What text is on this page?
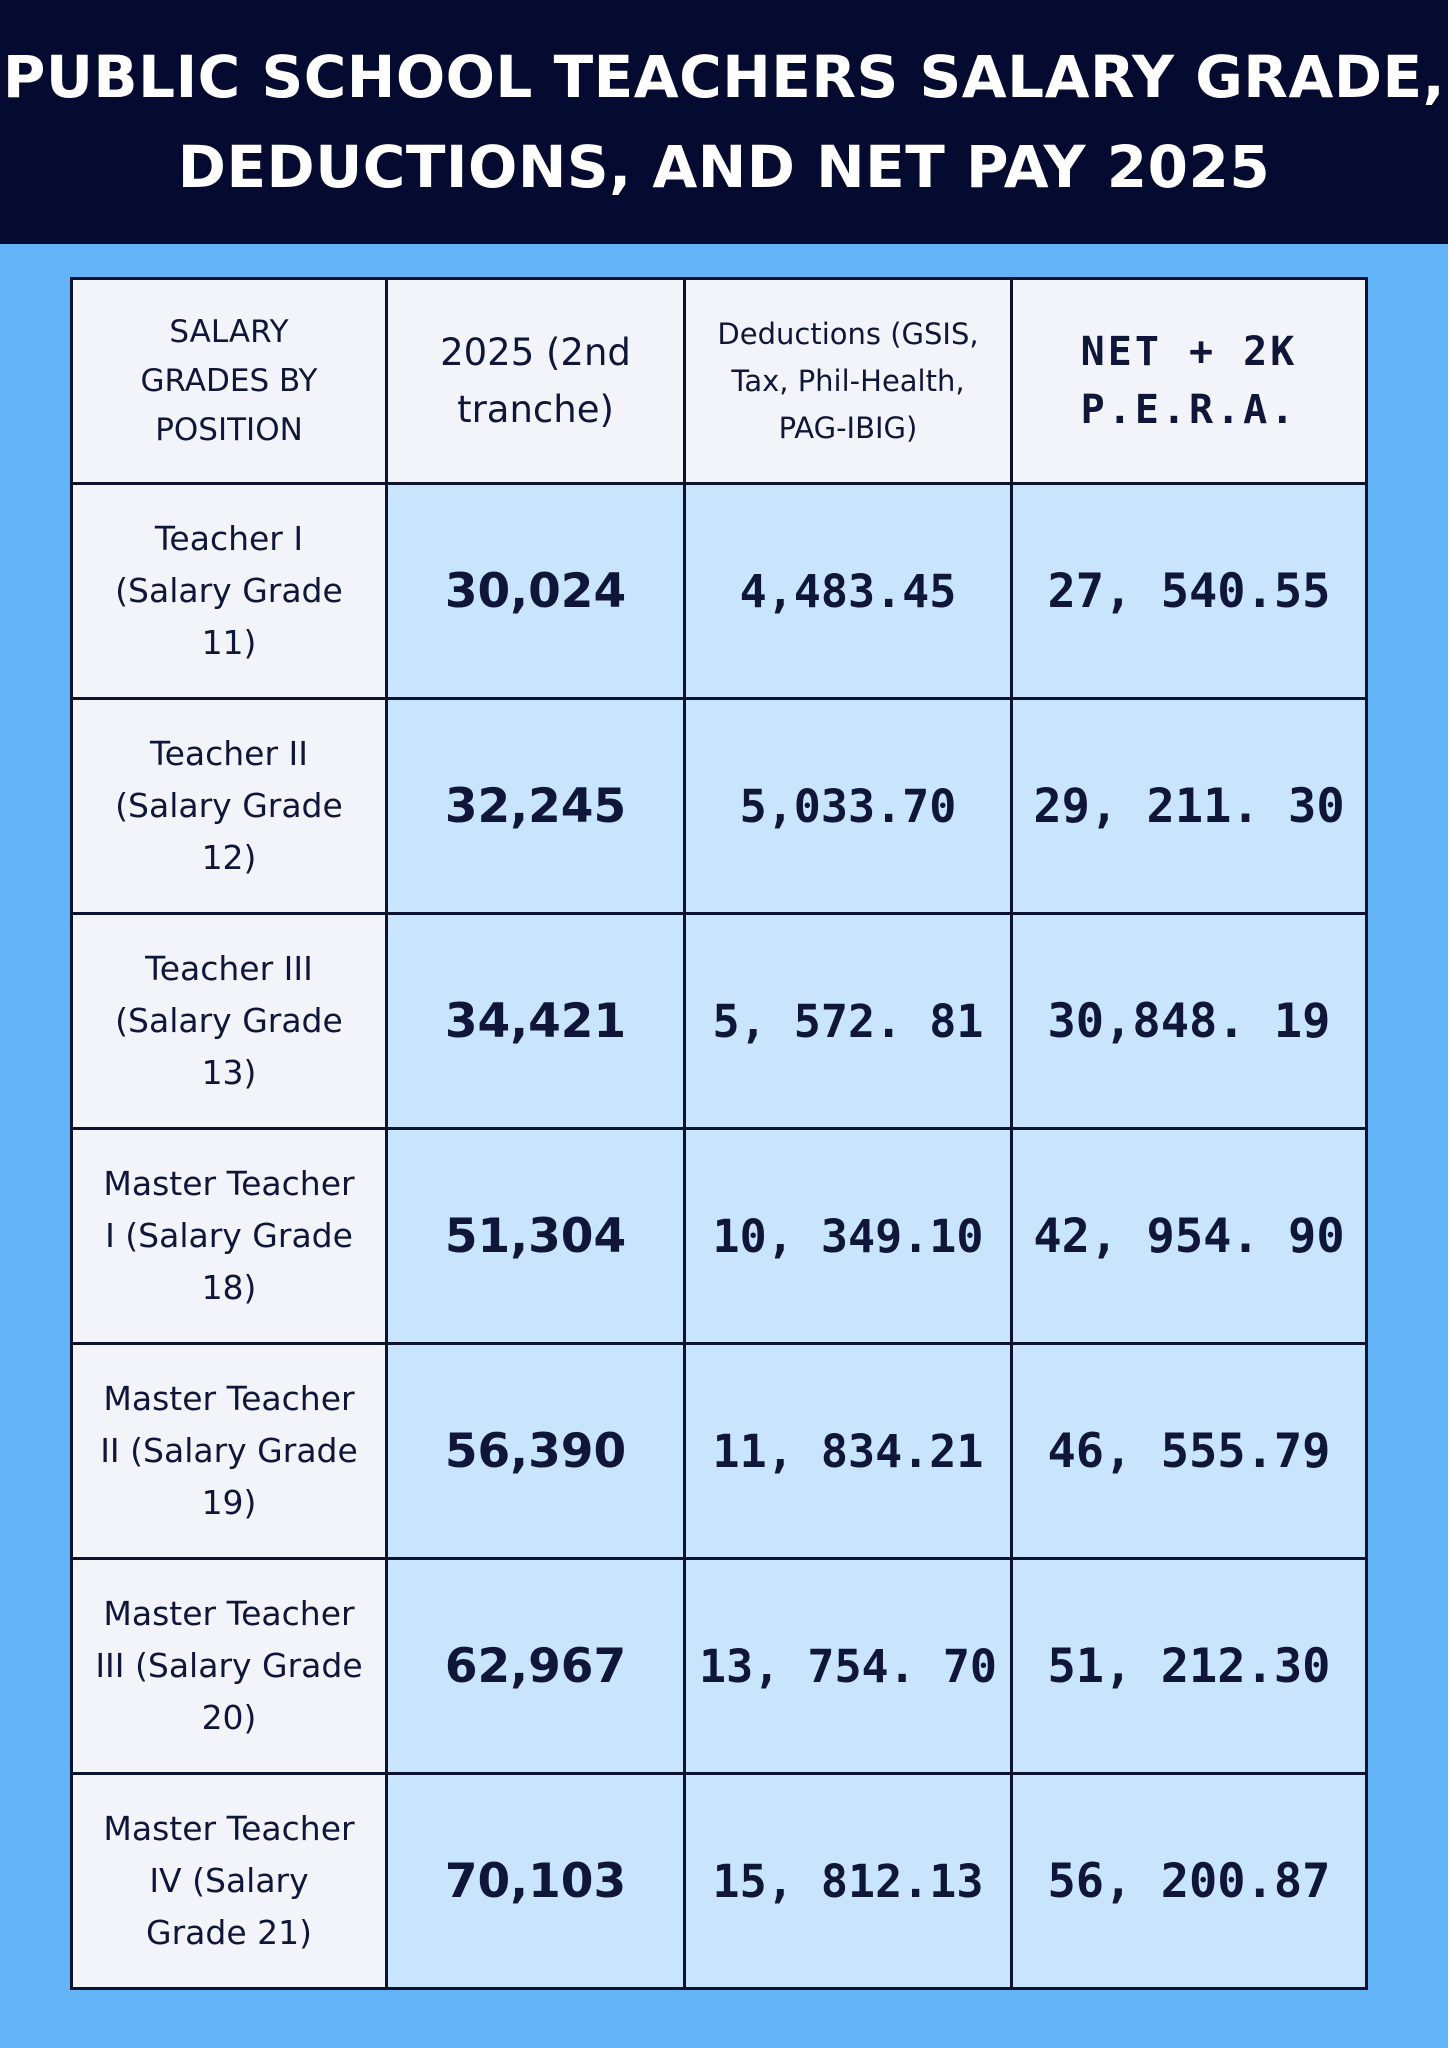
PUBLIC SCHOOL TEACHERS SALARY GRADE,
DEDUCTIONS, AND NET PAY 2025
SALARY GRADES BY POSITION	2025 (2nd tranche)	Deductions (GSIS, Tax, Phil-Health, PAG-IBIG)	NET + 2K P.E.R.A.

Teacher I (Salary Grade 11)	30,024	4,483.45	27, 540.55

Teacher II (Salary Grade 12)	32,245	5,033.70	29, 211. 30

Teacher III (Salary Grade 13)	34,421	5, 572. 81	30,848. 19

Master Teacher I (Salary Grade 18)	51,304	10, 349.10	42, 954. 90

Master Teacher II (Salary Grade 19)	56,390	11, 834.21	46, 555.79

Master Teacher III (Salary Grade 20)	62,967	13, 754. 70	51, 212.30

Master Teacher IV (Salary Grade 21)	70,103	15, 812.13	56, 200.87
